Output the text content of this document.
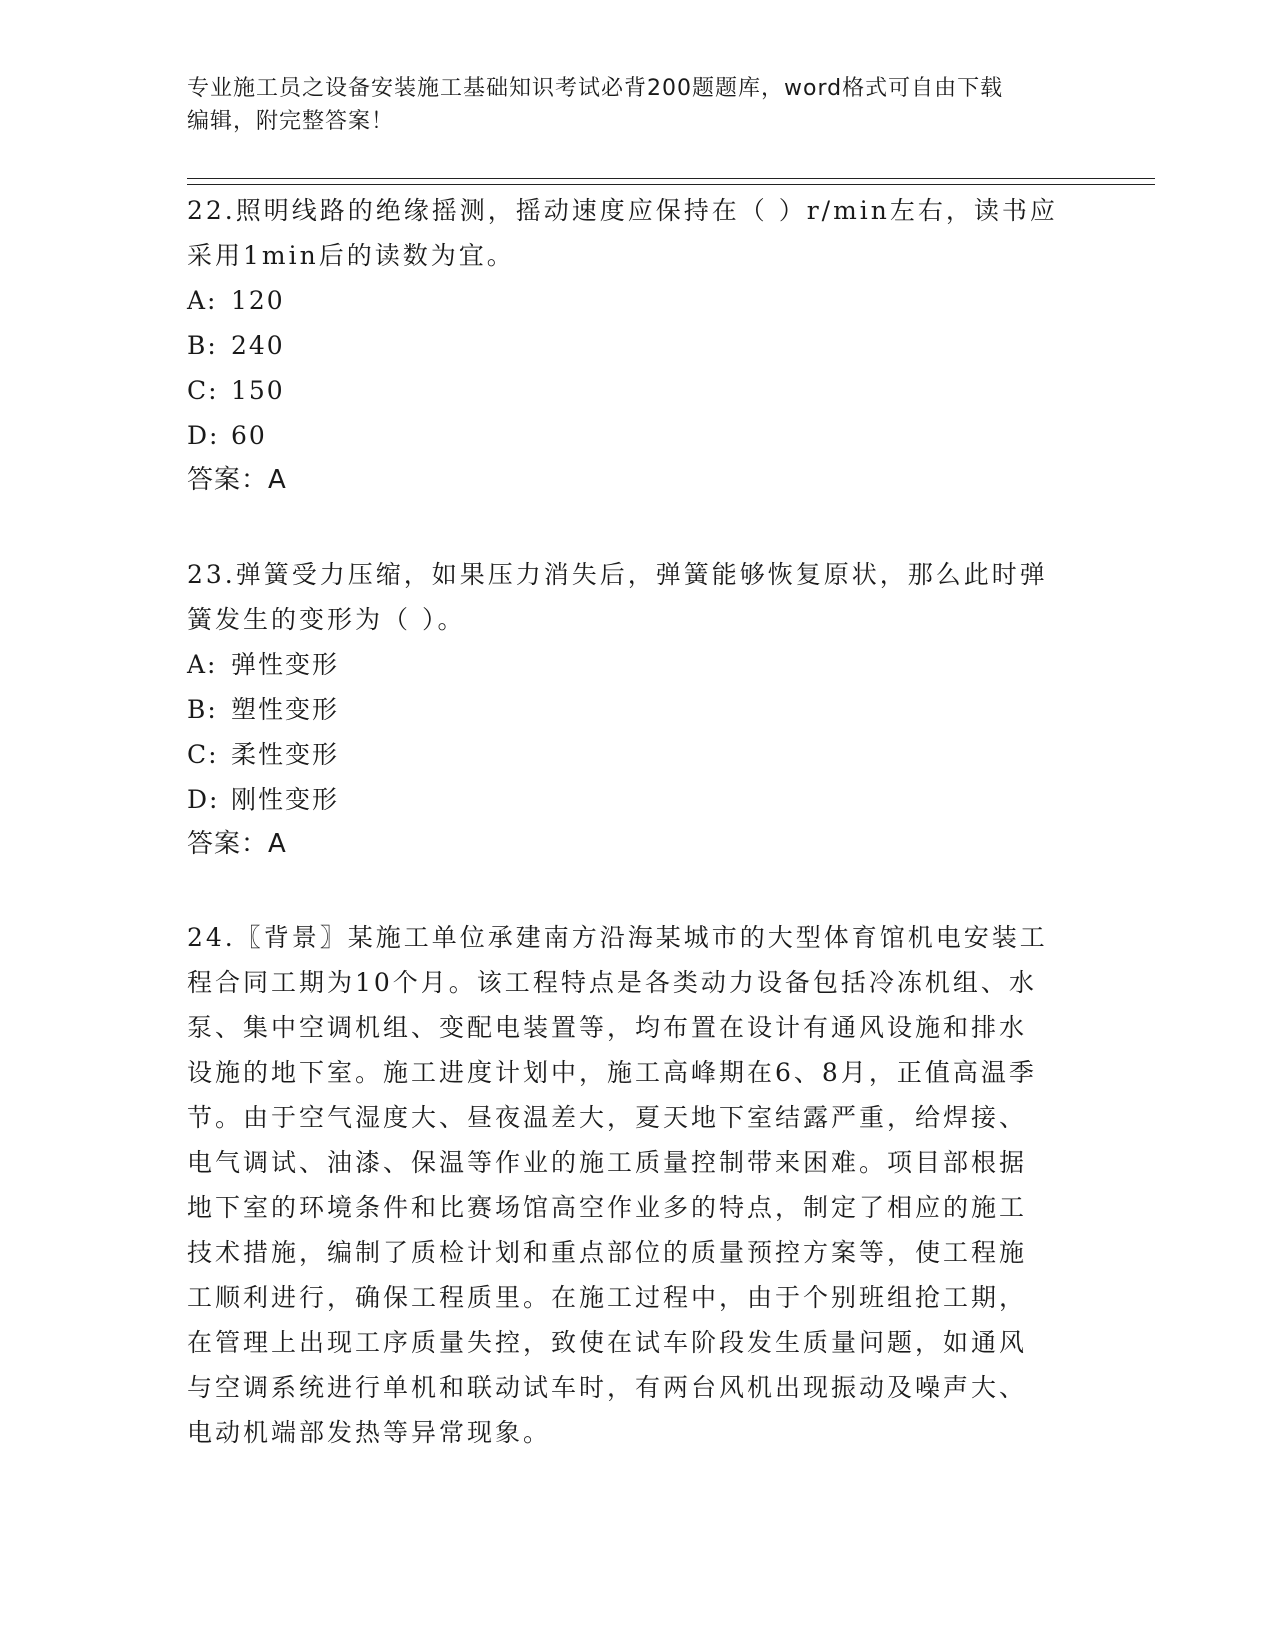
专业施工员之设备安装施工基础知识考试必背200题题库，word格式可自由下载
编辑，附完整答案！

22.照明线路的绝缘摇测，摇动速度应保持在（ ）r/min左右，读书应

采用1min后的读数为宜。

A: 120

B: 240

C: 150

D: 60

答案：A

23.弹簧受力压缩，如果压力消失后，弹簧能够恢复原状，那么此时弹

簧发生的变形为（ ）。

A: 弹性变形

B: 塑性变形

C: 柔性变形

D: 刚性变形

答案：A

24.〖背景〗某施工单位承建南方沿海某城市的大型体育馆机电安装工

程合同工期为10个月。该工程特点是各类动力设备包括冷冻机组、水

泵、集中空调机组、变配电装置等，均布置在设计有通风设施和排水

设施的地下室。施工进度计划中，施工高峰期在6、8月，正值高温季

节。由于空气湿度大、昼夜温差大，夏天地下室结露严重，给焊接、

电气调试、油漆、保温等作业的施工质量控制带来困难。项目部根据

地下室的环境条件和比赛场馆高空作业多的特点，制定了相应的施工

技术措施，编制了质检计划和重点部位的质量预控方案等，使工程施

工顺利进行，确保工程质里。在施工过程中，由于个别班组抢工期，

在管理上出现工序质量失控，致使在试车阶段发生质量问题，如通风

与空调系统进行单机和联动试车时，有两台风机出现振动及噪声大、

电动机端部发热等异常现象。
